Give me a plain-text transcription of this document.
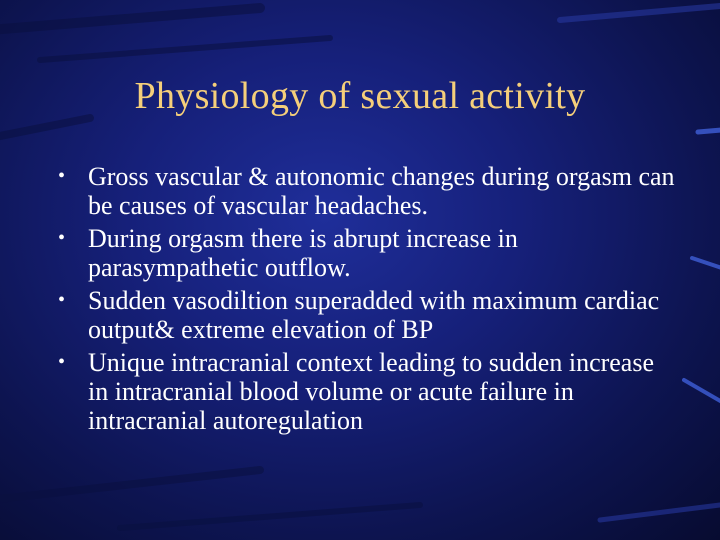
Physiology of sexual activity
• Gross vascular & autonomic changes during orgasm can be causes of vascular headaches.
• During orgasm there is abrupt increase in parasympathetic outflow.
• Sudden vasodiltion superadded with maximum cardiac output& extreme elevation of BP
• Unique intracranial context leading to sudden increase in intracranial blood volume or acute failure in intracranial autoregulation
